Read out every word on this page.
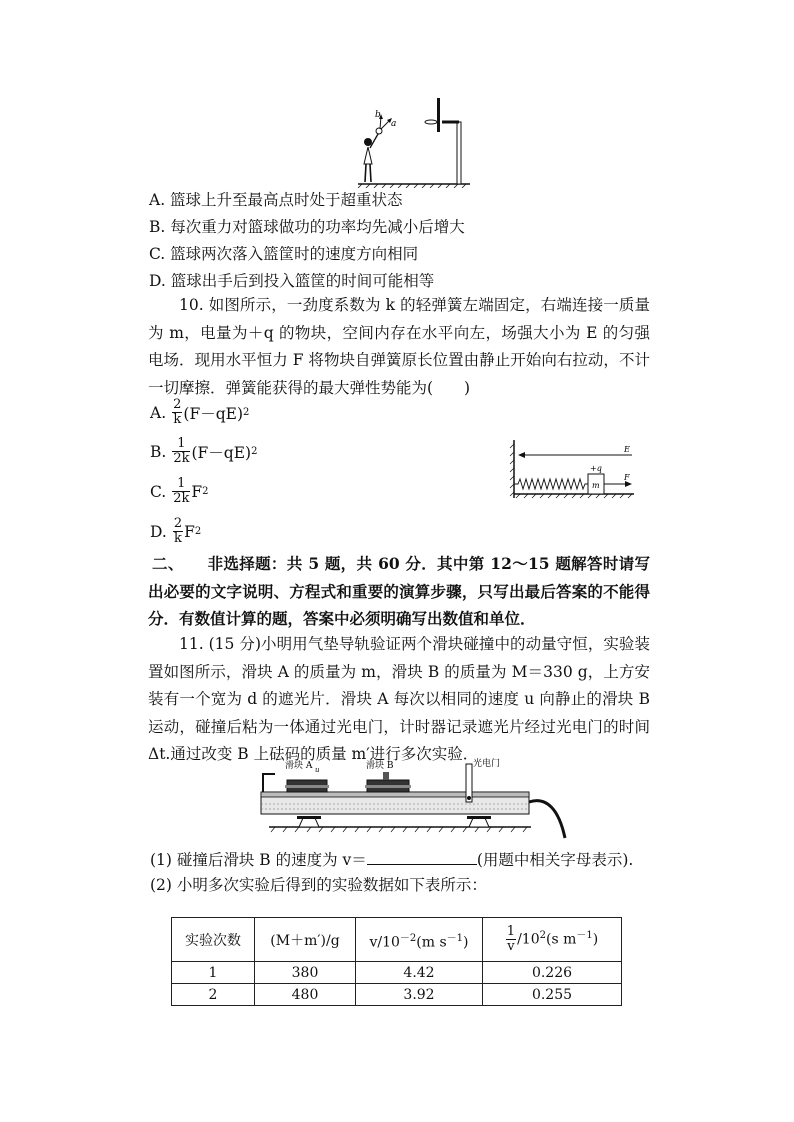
b
a
A. 篮球上升至最高点时处于超重状态
B. 每次重力对篮球做功的功率均先减小后增大
C. 篮球两次落入篮筐时的速度方向相同
D. 篮球出手后到投入篮筐的时间可能相等
10. 如图所示，一劲度系数为 k 的轻弹簧左端固定，右端连接一质量为 m，电量为＋q 的物块，空间内存在水平向左，场强大小为 E 的匀强电场．现用水平恒力 F 将物块自弹簧原长位置由静止开始向右拉动，不计一切摩擦．弹簧能获得的最大弹性势能为(　　)
A. $\frac{2}{k} (F-qE)$ 2
B. $\frac{1}{2k} (F-qE)$ 2
C. $\frac{1}{2k}$ F 2
D. $\frac{2}{k}$ F 2
E
m
+q
F
二、　　非选择题：共 5 题，共 60 分．其中第 12～15 题解答时请写出必要的文字说明、方程式和重要的演算步骤，只写出最后答案的不能得分．有数值计算的题，答案中必须明确写出数值和单位．
11. (15 分)小明用气垫导轨验证两个滑块碰撞中的动量守恒，实验装置如图所示，滑块 A 的质量为 m，滑块 B 的质量为 M＝330 g，上方安装有一个宽为 d 的遮光片．滑块 A 每次以相同的速度 u 向静止的滑块 B 运动，碰撞后粘为一体通过光电门，计时器记录遮光片经过光电门的时间 Δt.通过改变 B 上砝码的质量 m′进行多次实验．
滑块 A u	滑块 B	光电门
(1) 碰撞后滑块 B 的速度为 v＝	(用题中相关字母表示).
(2) 小明多次实验后得到的实验数据如下表所示：
实验次数	(M＋m′)/g	$v/10^{-2}(m$ $s^{-1}$)	$\frac{1}{v} /10^2(s$ $m^{-1}$)
1	380	4.42	0.226
2	480	3.92	0.255
